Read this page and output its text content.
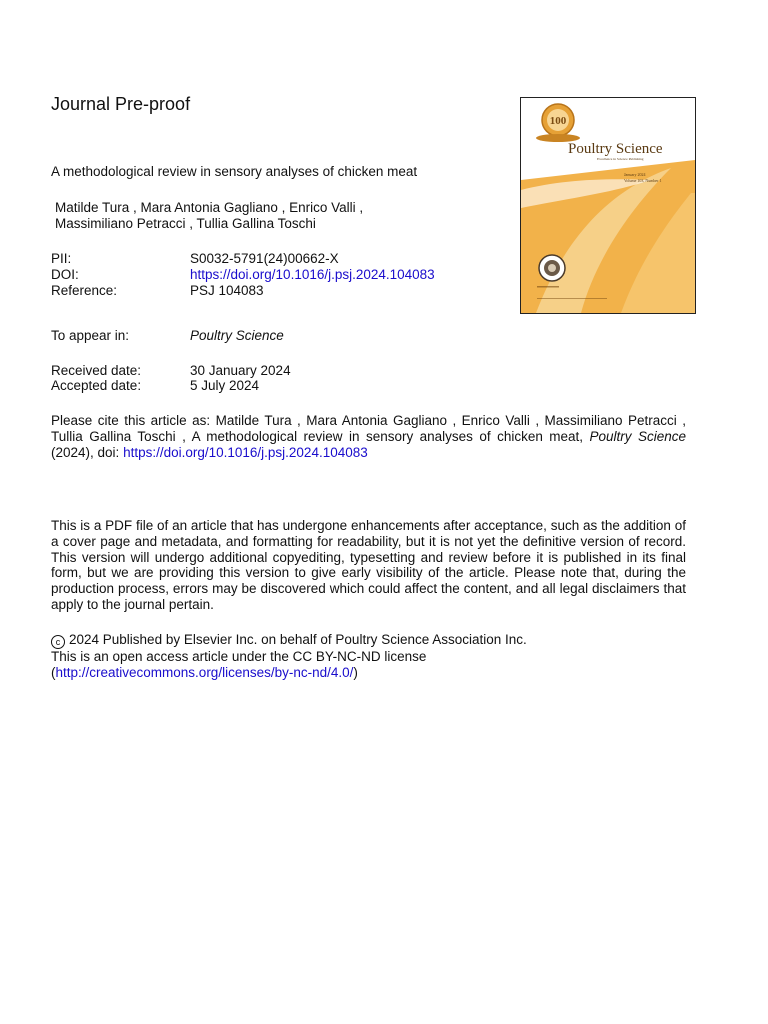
Journal Pre-proof
A methodological review in sensory analyses of chicken meat
Matilde Tura , Mara Antonia Gagliano , Enrico Valli ,
Massimiliano Petracci , Tullia Gallina Toschi
PII:	S0032-5791(24)00662-X
DOI:	https://doi.org/10.1016/j.psj.2024.104083
Reference:	PSJ 104083
To appear in:	Poultry Science
Received date:	30 January 2024
Accepted date:	5 July 2024
Please cite this article as: Matilde Tura , Mara Antonia Gagliano , Enrico Valli , Massimiliano Petracci , Tullia Gallina Toschi , A methodological review in sensory analyses of chicken meat, Poultry Science (2024), doi: https://doi.org/10.1016/j.psj.2024.104083
This is a PDF file of an article that has undergone enhancements after acceptance, such as the addition of a cover page and metadata, and formatting for readability, but it is not yet the definitive version of record. This version will undergo additional copyediting, typesetting and review before it is published in its final form, but we are providing this version to give early visibility of the article. Please note that, during the production process, errors may be discovered which could affect the content, and all legal disclaimers that apply to the journal pertain.
c 2024 Published by Elsevier Inc. on behalf of Poultry Science Association Inc.
This is an open access article under the CC BY-NC-ND license
(http://creativecommons.org/licenses/by-nc-nd/4.0/)
100
Poultry Science
Excellence in Science Publishing
January 2024
Volume 103, Number 1
